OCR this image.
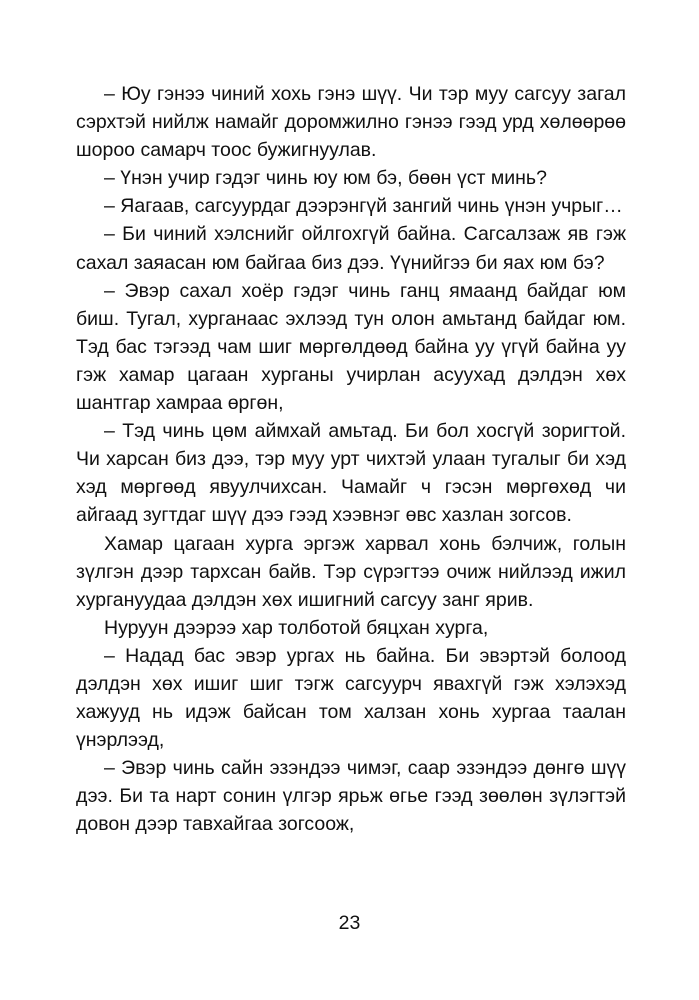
– Юу гэнээ чиний хохь гэнэ шүү. Чи тэр муу сагсуу загал сэрхтэй нийлж намайг доромжилно гэнээ гээд урд хөлөөрөө шороо самарч тоос бужигнуулав.

– Үнэн учир гэдэг чинь юу юм бэ, бөөн үст минь?

– Яагаав, сагсуурдаг дээрэнгүй зангий чинь үнэн учрыг…

– Би чиний хэлснийг ойлгохгүй байна. Сагсалзаж яв гэж сахал заяасан юм байгаа биз дээ. Үүнийгээ би яах юм бэ?

– Эвэр сахал хоёр гэдэг чинь ганц ямаанд байдаг юм биш. Тугал, хурганаас эхлээд тун олон амьтанд байдаг юм. Тэд бас тэгээд чам шиг мөргөлдөөд байна уу үгүй байна уу гэж хамар цагаан хурганы учирлан асуухад дэлдэн хөх шантгар хамраа өргөн,

– Тэд чинь цөм аймхай амьтад. Би бол хосгүй зоригтой. Чи харсан биз дээ, тэр муу урт чихтэй улаан тугалыг би хэд хэд мөргөөд явуулчихсан. Чамайг ч гэсэн мөргөхөд чи айгаад зугтдаг шүү дээ гээд хээвнэг өвс хазлан зогсов.

Хамар цагаан хурга эргэж харвал хонь бэлчиж, голын зүлгэн дээр тархсан байв. Тэр сүрэгтээ очиж нийлээд ижил хургануудаа дэлдэн хөх ишигний сагсуу занг ярив.

Нуруун дээрээ хар толботой бяцхан хурга,

– Надад бас эвэр ургах нь байна. Би эвэртэй болоод дэлдэн хөх ишиг шиг тэгж сагсуурч явахгүй гэж хэлэхэд хажууд нь идэж байсан том халзан хонь хургаа таалан үнэрлээд,

– Эвэр чинь сайн эзэндээ чимэг, саар эзэндээ дөнгө шүү дээ. Би та нарт сонин үлгэр ярьж өгье гээд зөөлөн зүлэгтэй довон дээр тавхайгаа зогсоож,

23
